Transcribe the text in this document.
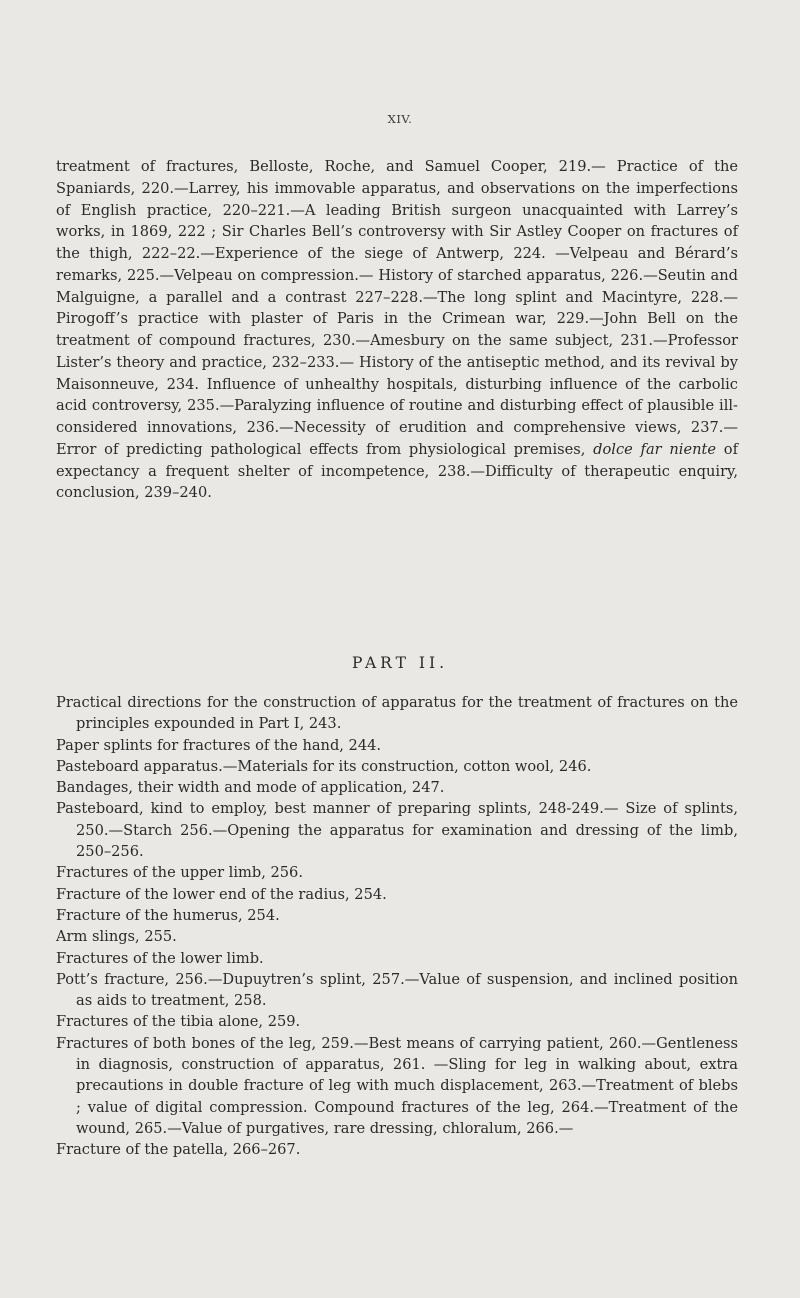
XIV.
treatment of fractures, Belloste, Roche, and Samuel Cooper, 219.— Practice of the Spaniards, 220.—Larrey, his immovable apparatus, and observations on the imperfections of English practice, 220–221.—A leading British surgeon unacquainted with Larrey’s works, in 1869, 222 ; Sir Charles Bell’s controversy with Sir Astley Cooper on fractures of the thigh, 222–22.—Experience of the siege of Antwerp, 224. —Velpeau and Bérard’s remarks, 225.—Velpeau on compression.— History of starched apparatus, 226.—Seutin and Malguigne, a parallel and a contrast 227–228.—The long splint and Macintyre, 228.—Pirogoff’s practice with plaster of Paris in the Crimean war, 229.—John Bell on the treatment of compound fractures, 230.—Amesbury on the same subject, 231.—Professor Lister’s theory and practice, 232–233.— History of the antiseptic method, and its revival by Maisonneuve, 234. Influence of unhealthy hospitals, disturbing influence of the carbolic acid controversy, 235.—Paralyzing influence of routine and disturbing effect of plausible ill-considered innovations, 236.—Necessity of erudition and comprehensive views, 237.—Error of predicting pathological effects from physiological premises, dolce far niente of expectancy a frequent shelter of incompetence, 238.—Difficulty of therapeutic enquiry, conclusion, 239–240.
PART II.

Practical directions for the construction of apparatus for the treatment of fractures on the principles expounded in Part I, 243.

Paper splints for fractures of the hand, 244.

Pasteboard apparatus.—Materials for its construction, cotton wool, 246.

Bandages, their width and mode of application, 247.

Pasteboard, kind to employ, best manner of preparing splints, 248-249.— Size of splints, 250.—Starch 256.—Opening the apparatus for examination and dressing of the limb, 250–256.

Fractures of the upper limb, 256.

Fracture of the lower end of the radius, 254.

Fracture of the humerus, 254.

Arm slings, 255.

Fractures of the lower limb.

Pott’s fracture, 256.—Dupuytren’s splint, 257.—Value of suspension, and inclined position as aids to treatment, 258.

Fractures of the tibia alone, 259.

Fractures of both bones of the leg, 259.—Best means of carrying patient, 260.—Gentleness in diagnosis, construction of apparatus, 261. —Sling for leg in walking about, extra precautions in double fracture of leg with much displacement, 263.—Treatment of blebs ; value of digital compression. Compound fractures of the leg, 264.—Treatment of the wound, 265.—Value of purgatives, rare dressing, chloralum, 266.—

Fracture of the patella, 266–267.
